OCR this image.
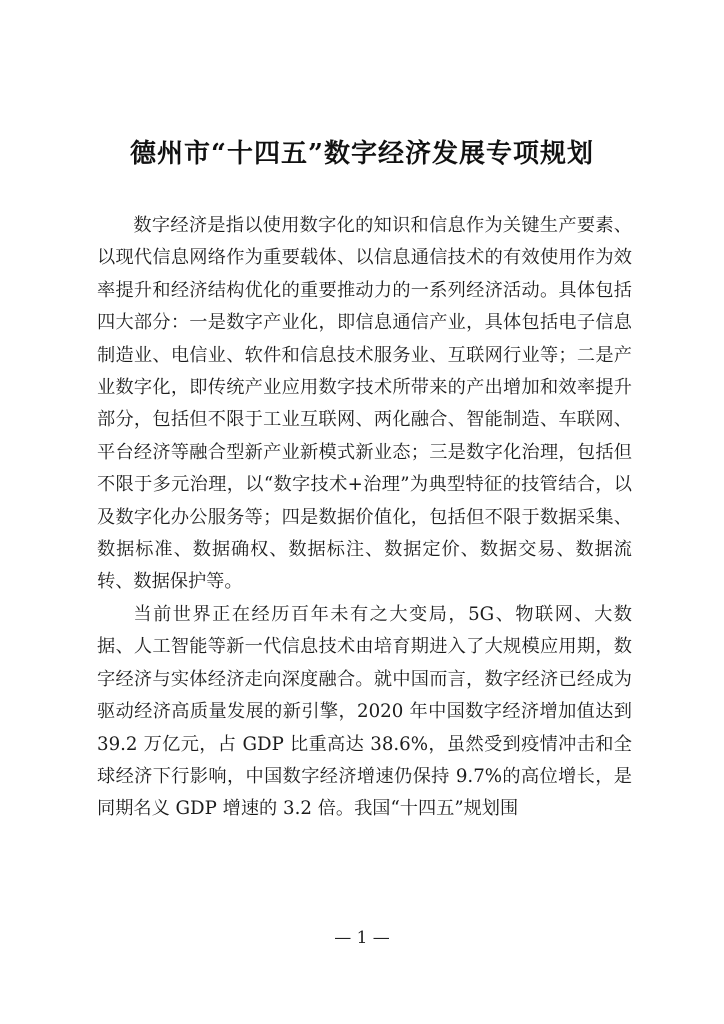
德州市“十四五”数字经济发展专项规划

数字经济是指以使用数字化的知识和信息作为关键生产要素、以现代信息网络作为重要载体、以信息通信技术的有效使用作为效率提升和经济结构优化的重要推动力的一系列经济活动。具体包括四大部分：一是数字产业化，即信息通信产业，具体包括电子信息制造业、电信业、软件和信息技术服务业、互联网行业等；二是产业数字化，即传统产业应用数字技术所带来的产出增加和效率提升部分，包括但不限于工业互联网、两化融合、智能制造、车联网、平台经济等融合型新产业新模式新业态；三是数字化治理，包括但不限于多元治理，以“数字技术+治理”为典型特征的技管结合，以及数字化办公服务等；四是数据价值化，包括但不限于数据采集、数据标准、数据确权、数据标注、数据定价、数据交易、数据流转、数据保护等。

当前世界正在经历百年未有之大变局，5G、物联网、大数据、人工智能等新一代信息技术由培育期进入了大规模应用期，数字经济与实体经济走向深度融合。就中国而言，数字经济已经成为驱动经济高质量发展的新引擎，2020 年中国数字经济增加值达到 39.2 万亿元，占 GDP 比重高达 38.6%，虽然受到疫情冲击和全球经济下行影响，中国数字经济增速仍保持 9.7%的高位增长，是同期名义 GDP 增速的 3.2 倍。我国“十四五”规划围

— 1 —
